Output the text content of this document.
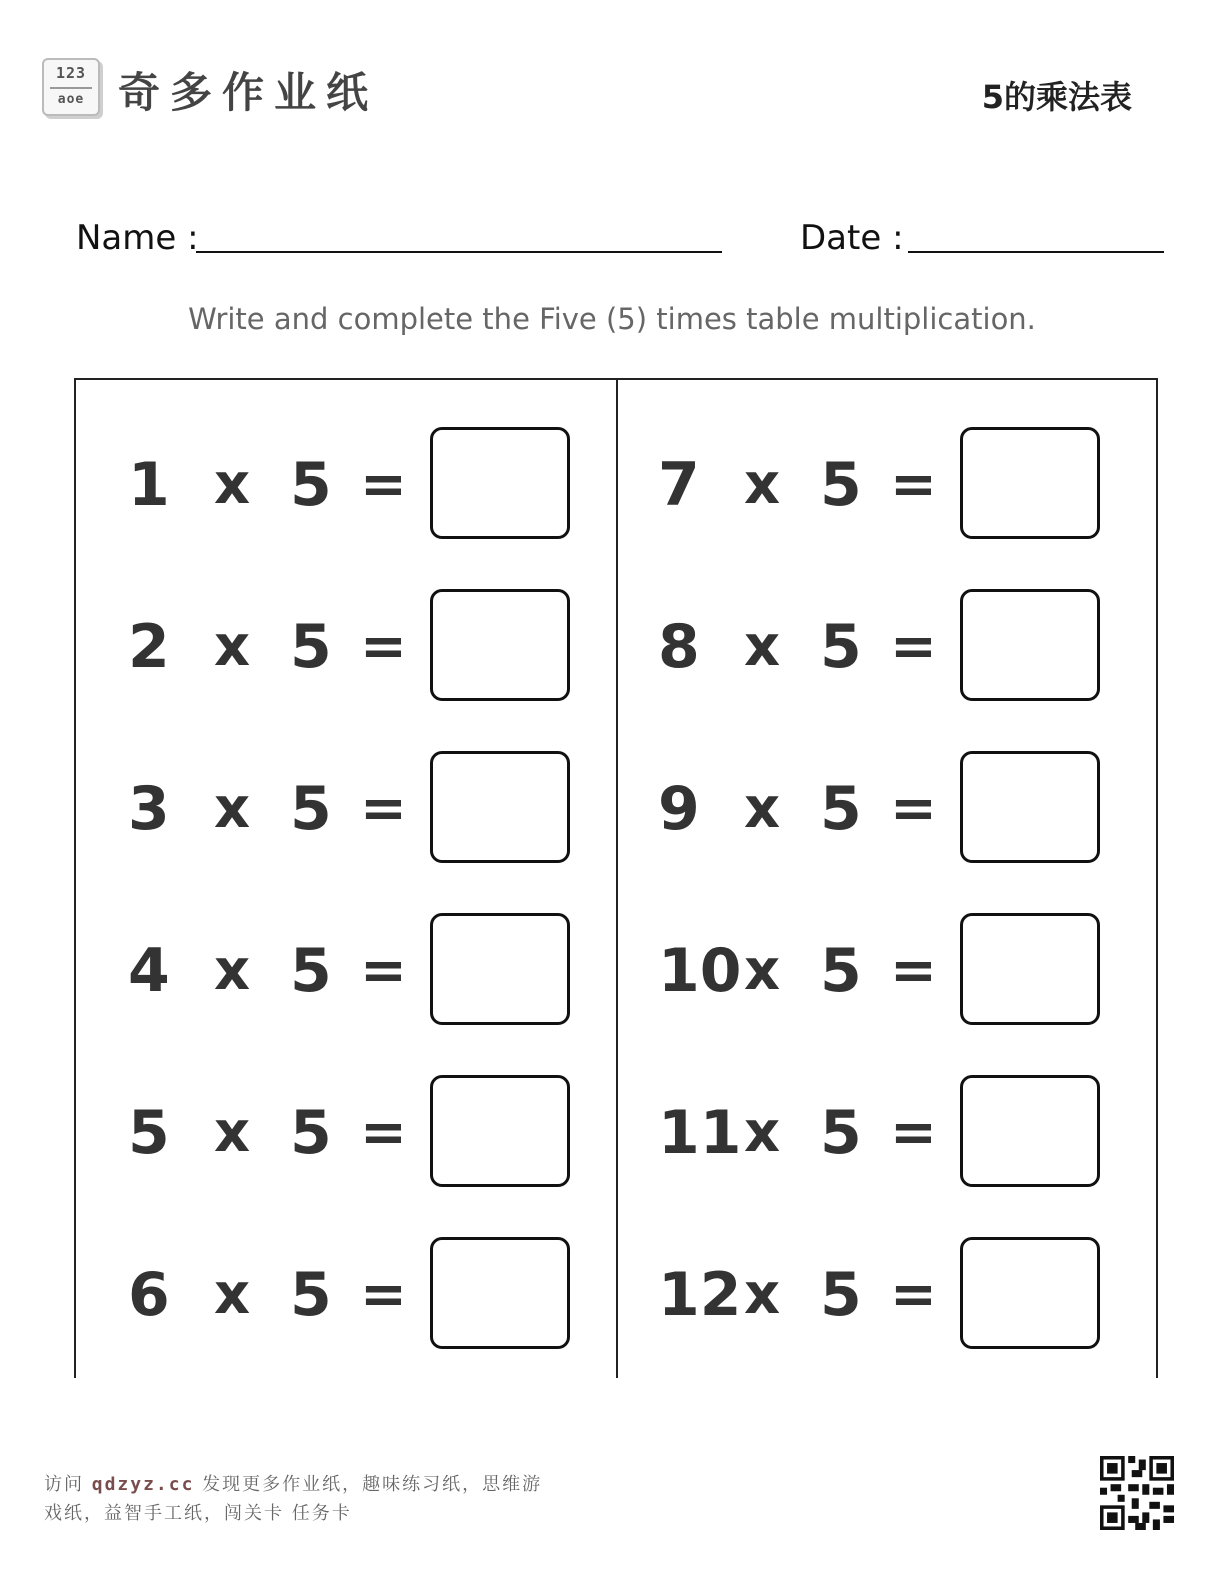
123
aoe 奇多作业纸	5的乘法表
Name :	Date :
Write and complete the Five (5) times table multiplication.
1 x 5 =
2 x 5 =
3 x 5 =
4 x 5 =
5 x 5 =
6 x 5 =
7 x 5 =
8 x 5 =
9 x 5 =
10 x 5 =
11 x 5 =
12 x 5 =
访问 qdzyz.cc 发现更多作业纸，趣味练习纸，思维游
戏纸，益智手工纸，闯关卡 任务卡
